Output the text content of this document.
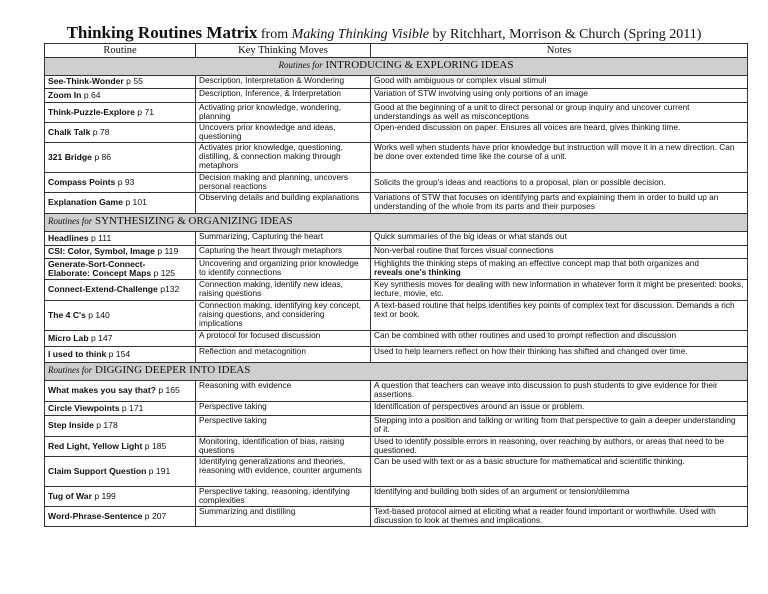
Thinking Routines Matrix from Making Thinking Visible by Ritchhart, Morrison & Church (Spring 2011)
Routine	Key Thinking Moves	Notes
Routines for INTRODUCING & EXPLORING IDEAS		
See-Think-Wonder p 55	Description, Interpretation & Wondering	Good with ambiguous or complex visual stimuli
Zoom In p 64	Description, Inference, & Interpretation	Variation of STW involving using only portions of an image
Think-Puzzle-Explore p 71	Activating prior knowledge, wondering, planning	Good at the beginning of a unit to direct personal or group inquiry and uncover current understandings as well as misconceptions
Chalk Talk p 78	Uncovers prior knowledge and ideas, questioning	Open-ended discussion on paper. Ensures all voices are heard, gives thinking time.
321 Bridge p 86	Activates prior knowledge, questioning, distilling, & connection making through metaphors	Works well when students have prior knowledge but instruction will move it in a new direction. Can be done over extended time like the course of a unit.
Compass Points p 93	Decision making and planning, uncovers personal reactions	Solicits the group's ideas and reactions to a proposal, plan or possible decision.
Explanation Game p 101	Observing details and building explanations	Variations of STW that focuses on identifying parts and explaining them in order to build up an understanding of the whole from its parts and their purposes
Routines for SYNTHESIZING & ORGANIZING IDEAS		
Headlines p 111	Summarizing, Capturing the heart	Quick summaries of the big ideas or what stands out
CSI: Color, Symbol, Image p 119	Capturing the heart through metaphors	Non-verbal routine that forces visual connections
Generate-Sort-Connect-
Elaborate: Concept Maps p 125	Uncovering and organizing prior knowledge to identify connections	Highlights the thinking steps of making an effective concept map that both organizes and
reveals one's thinking
Connect-Extend-Challenge p132	Connection making, identify new ideas, raising questions	Key synthesis moves for dealing with new information in whatever form it might be presented: books, lecture, movie, etc.
The 4 C's p 140	Connection making, identifying key concept, raising questions, and considering implications	A text-based routine that helps identifies key points of complex text for discussion. Demands a rich text or book.
Micro Lab p 147	A protocol for focused discussion	Can be combined with other routines and used to prompt reflection and discussion
I used to think p 154	Reflection and metacognition	Used to help learners reflect on how their thinking has shifted and changed over time.
Routines for DIGGING DEEPER INTO IDEAS		
What makes you say that? p 165	Reasoning with evidence	A question that teachers can weave into discussion to push students to give evidence for their assertions.
Circle Viewpoints p 171	Perspective taking	Identification of perspectives around an issue or problem.
Step Inside p 178	Perspective taking	Stepping into a position and talking or writing from that perspective to gain a deeper understanding of it.
Red Light, Yellow Light p 185	Monitoring, identification of bias, raising questions	Used to identify possible errors in reasoning, over reaching by authors, or areas that need to be questioned.
Claim Support Question p 191	Identifying generalizations and theories, reasoning with evidence, counter arguments	Can be used with text or as a basic structure for mathematical and scientific thinking.
Tug of War p 199	Perspective taking, reasoning, identifying complexities	Identifying and building both sides of an argument or tension/dilemma
Word-Phrase-Sentence p 207	Summarizing and distilling	Text-based protocol aimed at eliciting what a reader found important or worthwhile. Used with discussion to look at themes and implications.
